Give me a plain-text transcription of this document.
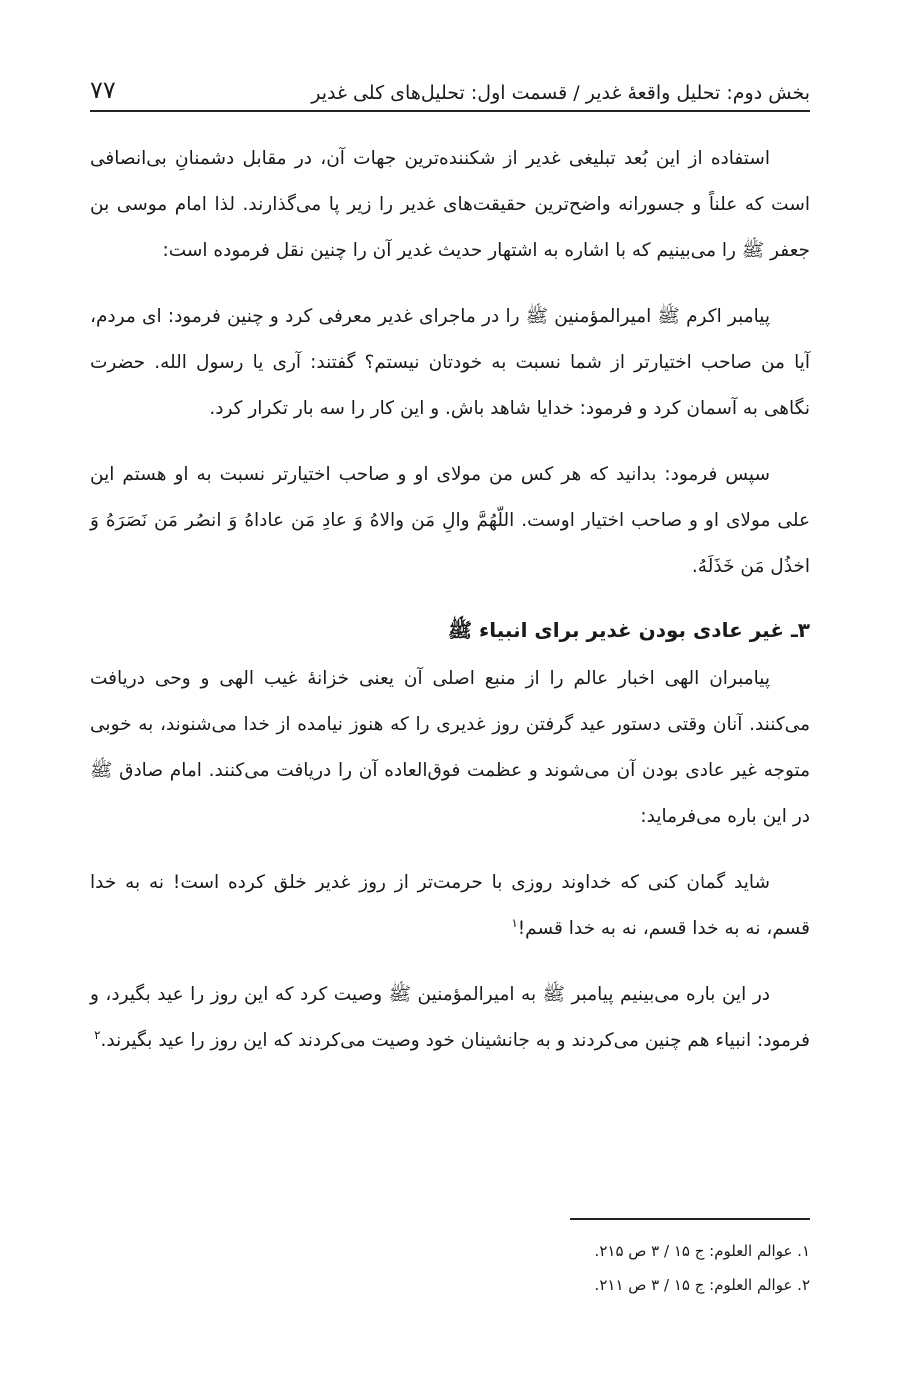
بخش دوم: تحلیل واقعهٔ غدیر / قسمت اول: تحلیل‌های کلی غدیر
۷۷

استفاده از این بُعد تبلیغی غدیر از شکننده‌ترین جهات آن، در مقابل دشمنانِ بی‌انصافی است که علناً و جسورانه واضح‌ترین حقیقت‌های غدیر را زیر پا می‌گذارند. لذا امام موسی بن جعفر ﷺ را می‌بینیم که با اشاره به اشتهار حدیث غدیر آن را چنین نقل فرموده است:

پیامبر اکرم ﷺ امیرالمؤمنین ﷺ را در ماجرای غدیر معرفی کرد و چنین فرمود: ای مردم، آیا من صاحب اختیارتر از شما نسبت به خودتان نیستم؟ گفتند: آری یا رسول الله. حضرت نگاهی به آسمان کرد و فرمود: خدایا شاهد باش. و این کار را سه بار تکرار کرد.

سپس فرمود: بدانید که هر کس من مولای او و صاحب اختیارتر نسبت به او هستم این علی مولای او و صاحب اختیار اوست. اللّهُمَّ والِ مَن والاهُ وَ عادِ مَن عاداهُ وَ انصُر مَن نَصَرَهُ وَ اخذُل مَن خَذَلَهُ.

۳ـ غیر عادی بودن غدیر برای انبیاء ﷺ

پیامبران الهی اخبار عالم را از منبع اصلی آن یعنی خزانهٔ غیب الهی و وحی دریافت می‌کنند. آنان وقتی دستور عید گرفتن روز غدیری را که هنوز نیامده از خدا می‌شنوند، به خوبی متوجه غیر عادی بودن آن می‌شوند و عظمت فوق‌العاده آن را دریافت می‌کنند. امام صادق ﷺ در این باره می‌فرماید:

شاید گمان کنی که خداوند روزی با حرمت‌تر از روز غدیر خلق کرده است! نه به خدا قسم، نه به خدا قسم، نه به خدا قسم!$^۱$

در این باره می‌بینیم پیامبر ﷺ به امیرالمؤمنین ﷺ وصیت کرد که این روز را عید بگیرد، و فرمود: انبیاء هم چنین می‌کردند و به جانشینان خود وصیت می‌کردند که این روز را عید بگیرند.$^۲$

۱. عوالم العلوم: ج ۱۵ / ۳ ص ۲۱۵.

۲. عوالم العلوم: ج ۱۵ / ۳ ص ۲۱۱.
